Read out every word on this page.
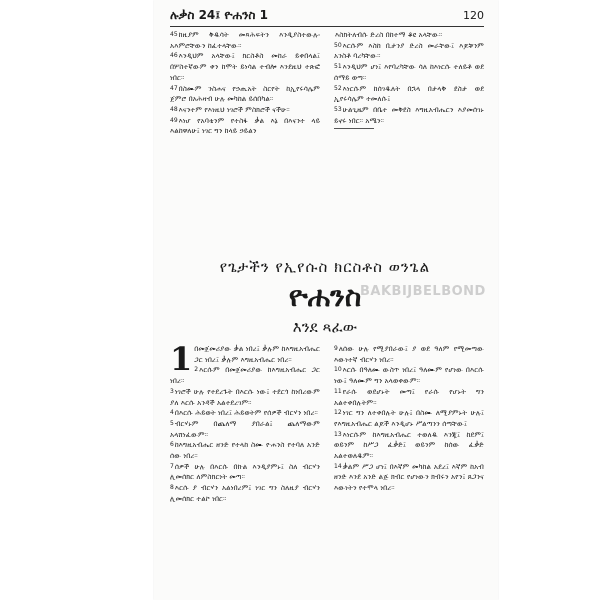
ሉቃስ 24፤ ዮሐንስ 1	120

45ከዚያም ቅዱሳት መጻሕፍትን እንዲያስተውሉ፡ አእምሮቸውን ከፈተላቸው።

46እንዲህም አላቸው፤ ክርስቶስ መከራ ይቀበላል፤ በሦስተኛውም ቀን ከሞት ይነሳል ተብሎ እንደዚህ ተጽፎ ነበር።

47በስሙም ንስሐና የኃጢአት ስርየት ከኢየሩሳሌም ጀምሮ በአሕዛብ ሁሉ መካከል ይሰበካል።

48እናንተም የእነዚህ ነገሮች ምስክሮች ናችሁ።

49እነሆ የአባቴንም የተስፋ ቃል እኔ በእናንተ ላይ እልከዋለሁ፤ ነገር ግን ከላይ ኃይልን

እስክትለብሱ ድረስ በከተማ ቆዩ አላቸው።

50እርሱም እስከ ቢታንያ ድረስ መራቸው፤ እጆቹንም አንስቶ ባረካቸው።

51እንዲህም ሆነ፤ እየባረካቸው ሳለ ከእነርሱ ተለይቶ ወደ ሰማይ ወጣ።

52እነርሱም ከሰገዱለት በኋላ በታላቅ ደስታ ወደ ኢየሩሳሌም ተመለሱ፤

53ሁልጊዜም በቤተ መቅደስ እግዚአብሔርን እያመሰገኑ ይኖሩ ነበር። አሜን።

የጌታችን የኢየሱስ ክርስቶስ ወንጌል
ዮሐንስ
እንደ ጻፈው
BAKBIJBELBOND

1 በመጀመሪያው ቃል ነበረ፤ ቃሉም ከእግዚአብሔር ጋር ነበረ፤ ቃሉም እግዚአብሔር ነበረ።

2እርሱም በመጀመሪያው ከእግዚአብሔር ጋር ነበረ።

3ነገሮች ሁሉ የተደረጉት በእርሱ ነው፤ ተደርጎ ከነበረውም ያለ እርሱ አንዳች አልተደረገም።

4በእርሱ ሕይወት ነበረ፤ ሕይወትም የሰዎች ብርሃን ነበረ።

5ብርሃኑም በጨለማ ያበራል፤ ጨለማውም አላሸነፈውም።

6ከእግዚአብሔር ዘንድ የተላከ ስሙ ዮሐንስ የተባለ አንድ ሰው ነበረ።

7ሰዎች ሁሉ በእርሱ በኩል እንዲያምኑ፤ ስለ ብርሃን ሊመሰክር ለምስክርነት መጣ።

8እርሱ ያ ብርሃን አልነበረም፤ ነገር ግን ስለዚያ ብርሃን ሊመሰክር ተልኮ ነበር።

9ለሰው ሁሉ የሚያበራው፤ ያ ወደ ዓለም የሚመጣው እውነተኛ ብርሃን ነበረ።

10እርሱ በዓለሙ ውስጥ ነበረ፤ ዓለሙም የሆነው በእርሱ ነው፤ ዓለሙም ግን አላወቀውም።

11የራሱ ወደሆኑት መጣ፤ የራሱ የሆኑት ግን አልተቀበሉትም።

12ነገር ግን ለተቀበሉት ሁሉ፤ በስሙ ለሚያምኑት ሁሉ፤ የእግዚአብሔር ልጆች እንዲሆኑ ሥልጣንን ሰጣቸው፤

13እነርሱም ከእግዚአብሔር ተወለዱ እንጂ፤ ከደም፤ ወይንም ከሥጋ ፈቃድ፤ ወይንም ከሰው ፈቃድ አልተወለዱም።

14ቃልም ሥጋ ሆነ፤ በእኛም መካከል አደረ፤ እኛም ከአብ ዘንድ እንደ አንድ ልጅ ክብር የሆነውን ክብሩን አየን፤ ጸጋንና እውነትን የተሞላ ነበረ።
